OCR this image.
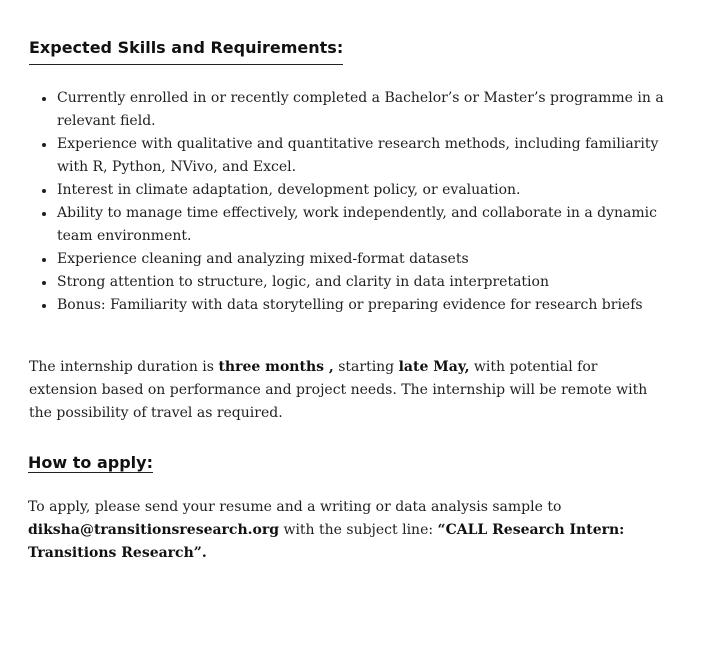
Expected Skills and Requirements:
Currently enrolled in or recently completed a Bachelor’s or Master’s programme in a relevant field.
Experience with qualitative and quantitative research methods, including familiarity with R, Python, NVivo, and Excel.
Interest in climate adaptation, development policy, or evaluation.
Ability to manage time effectively, work independently, and collaborate in a dynamic team environment.
Experience cleaning and analyzing mixed-format datasets
Strong attention to structure, logic, and clarity in data interpretation
Bonus: Familiarity with data storytelling or preparing evidence for research briefs

The internship duration is three months , starting late May, with potential for extension based on performance and project needs. The internship will be remote with the possibility of travel as required.

How to apply:

To apply, please send your resume and a writing or data analysis sample to diksha@transitionsresearch.org with the subject line: “CALL Research Intern: Transitions Research”.
